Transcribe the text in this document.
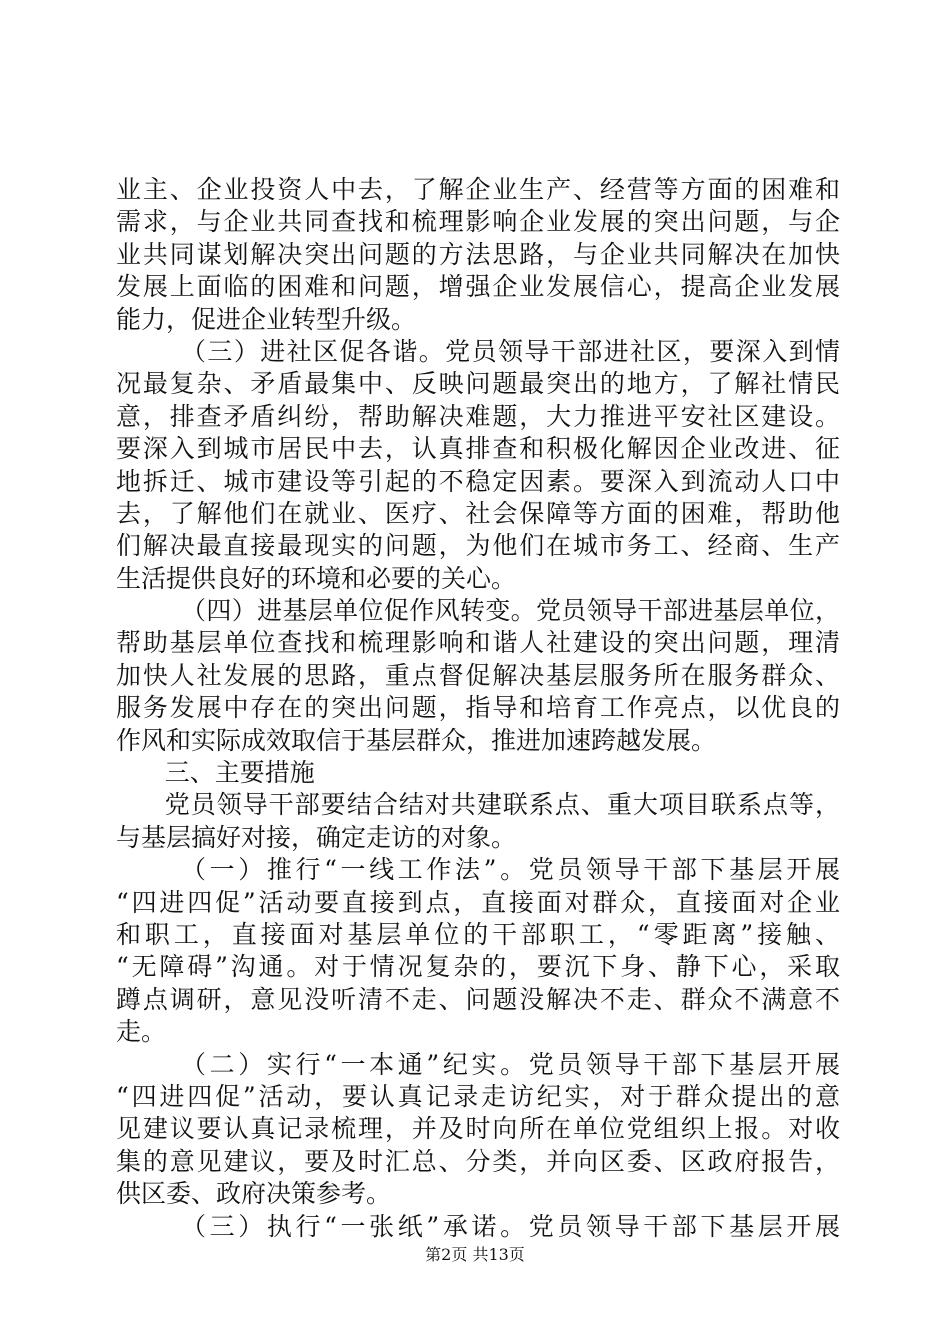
业主、企业投资人中去，了解企业生产、经营等方面的困难和
需求，与企业共同查找和梳理影响企业发展的突出问题，与企
业共同谋划解决突出问题的方法思路，与企业共同解决在加快
发展上面临的困难和问题，增强企业发展信心，提高企业发展
能力，促进企业转型升级。
（三）进社区促各谐。党员领导干部进社区，要深入到情
况最复杂、矛盾最集中、反映问题最突出的地方，了解社情民
意，排查矛盾纠纷，帮助解决难题，大力推进平安社区建设。
要深入到城市居民中去，认真排查和积极化解因企业改进、征
地拆迁、城市建设等引起的不稳定因素。要深入到流动人口中
去，了解他们在就业、医疗、社会保障等方面的困难，帮助他
们解决最直接最现实的问题，为他们在城市务工、经商、生产
生活提供良好的环境和必要的关心。
（四）进基层单位促作风转变。党员领导干部进基层单位，
帮助基层单位查找和梳理影响和谐人社建设的突出问题，理清
加快人社发展的思路，重点督促解决基层服务所在服务群众、
服务发展中存在的突出问题，指导和培育工作亮点，以优良的
作风和实际成效取信于基层群众，推进加速跨越发展。
三、主要措施
党员领导干部要结合结对共建联系点、重大项目联系点等，
与基层搞好对接，确定走访的对象。
（一）推行“一线工作法”。党员领导干部下基层开展
“四进四促”活动要直接到点，直接面对群众，直接面对企业
和职工，直接面对基层单位的干部职工，“零距离”接触、
“无障碍”沟通。对于情况复杂的，要沉下身、静下心，采取
蹲点调研，意见没听清不走、问题没解决不走、群众不满意不
走。
（二）实行“一本通”纪实。党员领导干部下基层开展
“四进四促”活动，要认真记录走访纪实，对于群众提出的意
见建议要认真记录梳理，并及时向所在单位党组织上报。对收
集的意见建议，要及时汇总、分类，并向区委、区政府报告，
供区委、政府决策参考。
（三）执行“一张纸”承诺。党员领导干部下基层开展
第2页 共13页
